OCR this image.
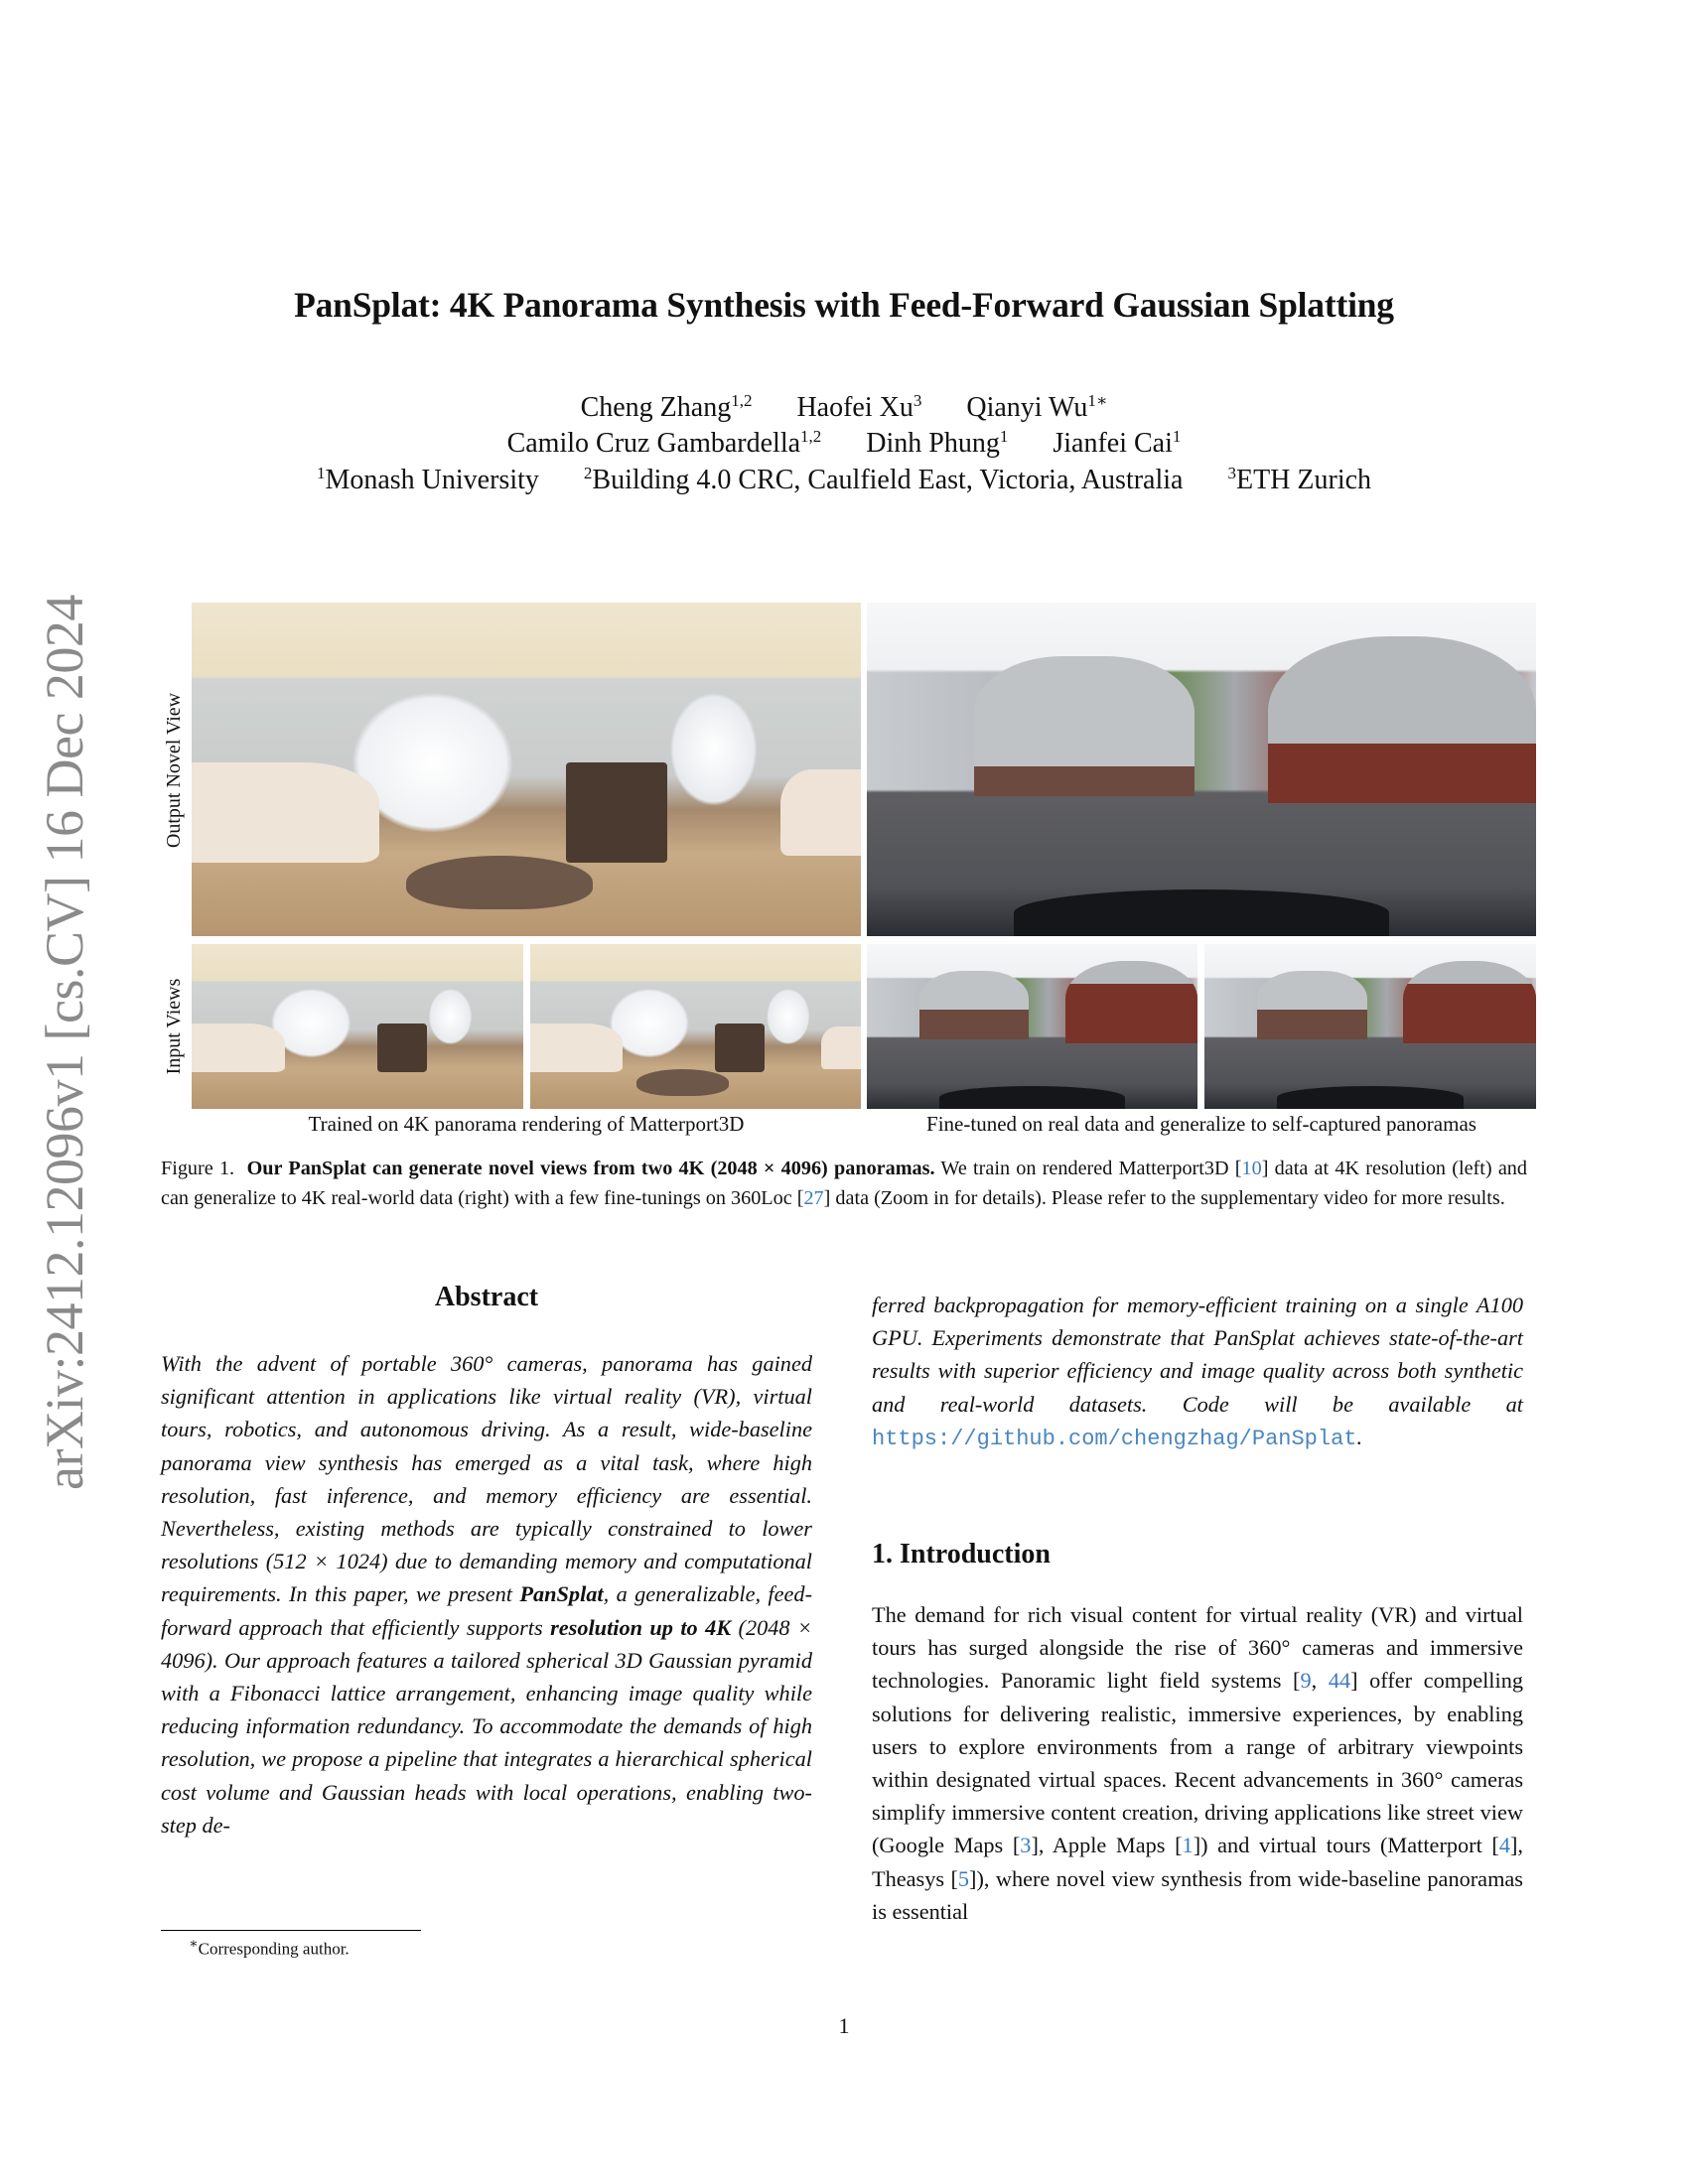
arXiv:2412.12096v1 [cs.CV] 16 Dec 2024
PanSplat: 4K Panorama Synthesis with Feed-Forward Gaussian Splatting
Cheng Zhang$^{1,2}$ Haofei Xu$^3$ Qianyi $Wu^{1∗}$
Camilo Cruz Gambardella$^{1,2}$ Dinh Phung$^1$ Jianfei Cai$^1$
$^1$Monash University	$^2$Building 4.0 CRC, Caulfield East, Victoria, Australia	$^3$ETH Zurich
Output Novel View
Input Views
Trained on 4K panorama rendering of Matterport3D	Fine-tuned on real data and generalize to self-captured panoramas
Figure 1. Our PanSplat can generate novel views from two 4K (2048 × 4096) panoramas. We train on rendered Matterport3D [10] data at 4K resolution (left) and can generalize to 4K real-world data (right) with a few fine-tunings on 360Loc [27] data (Zoom in for details). Please refer to the supplementary video for more results.
Abstract
With the advent of portable 360° cameras, panorama has gained significant attention in applications like virtual reality (VR), virtual tours, robotics, and autonomous driving. As a result, wide-baseline panorama view synthesis has emerged as a vital task, where high resolution, fast inference, and memory efficiency are essential. Nevertheless, existing methods are typically constrained to lower resolutions (512 × 1024) due to demanding memory and computational requirements. In this paper, we present PanSplat, a generalizable, feed-forward approach that efficiently supports resolution up to 4K (2048 × 4096). Our approach features a tailored spherical 3D Gaussian pyramid with a Fibonacci lattice arrangement, enhancing image quality while reducing information redundancy. To accommodate the demands of high resolution, we propose a pipeline that integrates a hierarchical spherical cost volume and Gaussian heads with local operations, enabling two-step de-
ferred backpropagation for memory-efficient training on a single A100 GPU. Experiments demonstrate that PanSplat achieves state-of-the-art results with superior efficiency and image quality across both synthetic and real-world datasets. Code will be available at https://github.com/chengzhag/PanSplat.
1. Introduction
The demand for rich visual content for virtual reality (VR) and virtual tours has surged alongside the rise of 360° cameras and immersive technologies. Panoramic light field systems [9, 44] offer compelling solutions for delivering realistic, immersive experiences, by enabling users to explore environments from a range of arbitrary viewpoints within designated virtual spaces. Recent advancements in 360° cameras simplify immersive content creation, driving applications like street view (Google Maps [3], Apple Maps [1]) and virtual tours (Matterport [4], Theasys [5]), where novel view synthesis from wide-baseline panoramas is essential
∗Corresponding author.
1
